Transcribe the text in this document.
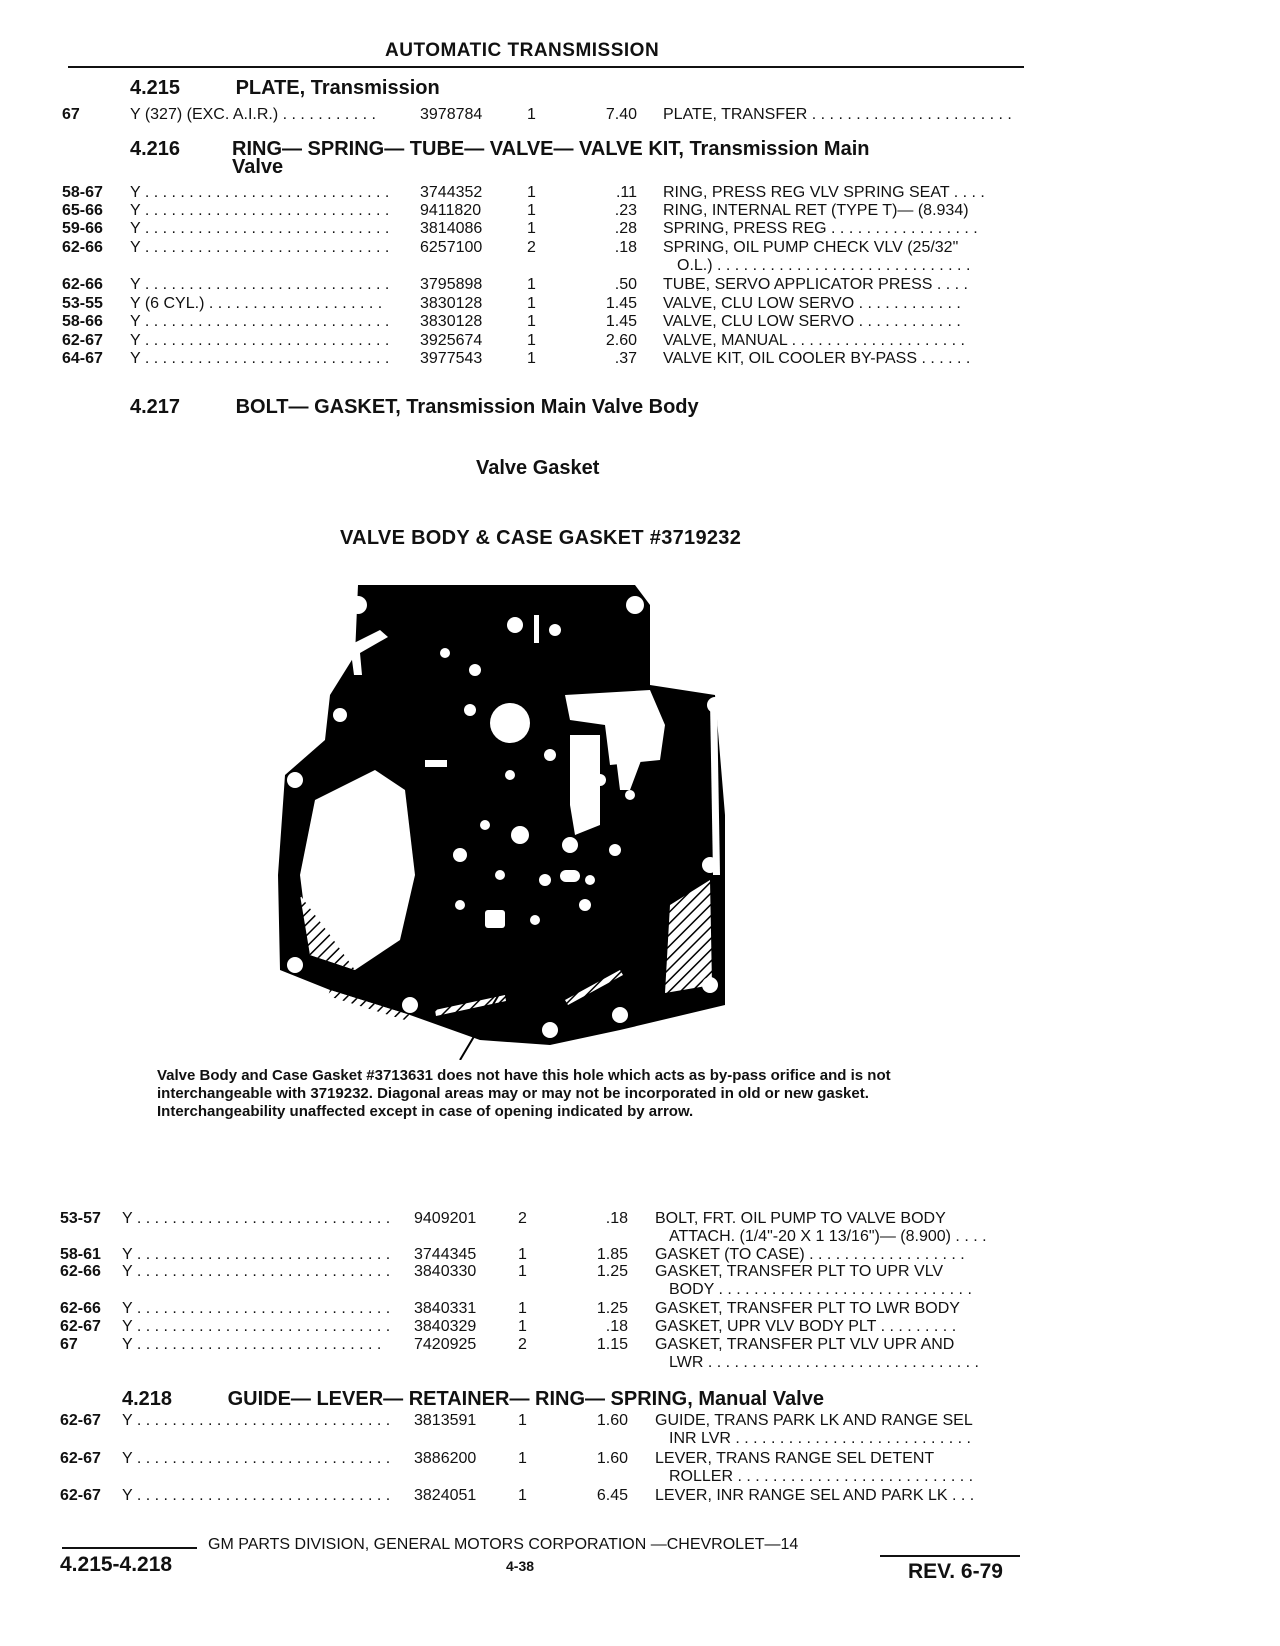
AUTOMATIC TRANSMISSION
4.215	PLATE, Transmission
67	Y (327) (EXC. A.I.R.) . . . . . . . . . . .	3978784	1	7.40 PLATE, TRANSFER . . . . . . . . . . . . . . . . . . . . . . .
4.216	RING— SPRING— TUBE— VALVE— VALVE KIT, Transmission Main
Valve
58-67 Y . . . . . . . . . . . . . . . . . . . . . . . . . . . .	3744352	1	.11 RING, PRESS REG VLV SPRING SEAT . . . .
65-66 Y . . . . . . . . . . . . . . . . . . . . . . . . . . . .	9411820	1	.23 RING, INTERNAL RET (TYPE T)— (8.934)
59-66 Y . . . . . . . . . . . . . . . . . . . . . . . . . . . .	3814086	1	.28 SPRING, PRESS REG . . . . . . . . . . . . . . . . .
62-66 Y . . . . . . . . . . . . . . . . . . . . . . . . . . . .	6257100	2	.18 SPRING, OIL PUMP CHECK VLV (25/32"
O.L.) . . . . . . . . . . . . . . . . . . . . . . . . . . . . .
62-66 Y . . . . . . . . . . . . . . . . . . . . . . . . . . . .	3795898	1	.50 TUBE, SERVO APPLICATOR PRESS . . . .
53-55 Y (6 CYL.) . . . . . . . . . . . . . . . . . . . .	3830128	1	1.45 VALVE, CLU LOW SERVO . . . . . . . . . . . .
58-66 Y . . . . . . . . . . . . . . . . . . . . . . . . . . . .	3830128	1	1.45 VALVE, CLU LOW SERVO . . . . . . . . . . . .
62-67 Y . . . . . . . . . . . . . . . . . . . . . . . . . . . .	3925674	1	2.60 VALVE, MANUAL . . . . . . . . . . . . . . . . . . . .
64-67 Y . . . . . . . . . . . . . . . . . . . . . . . . . . . .	3977543	1	.37 VALVE KIT, OIL COOLER BY-PASS . . . . . .
4.217	BOLT— GASKET, Transmission Main Valve Body
Valve Gasket
VALVE BODY & CASE GASKET #3719232
Valve Body and Case Gasket #3713631 does not have this hole which acts as by-pass orifice and is not interchangeable with 3719232. Diagonal areas may or may not be incorporated in old or new gasket. Interchangeability unaffected except in case of opening indicated by arrow.
53-57 Y . . . . . . . . . . . . . . . . . . . . . . . . . . . . .	9409201	2	.18 BOLT, FRT. OIL PUMP TO VALVE BODY
ATTACH. (1/4"-20 X 1 13/16")— (8.900) . . . .
58-61 Y . . . . . . . . . . . . . . . . . . . . . . . . . . . . .	3744345	1	1.85 GASKET (TO CASE) . . . . . . . . . . . . . . . . . .
62-66 Y . . . . . . . . . . . . . . . . . . . . . . . . . . . . .	3840330	1	1.25 GASKET, TRANSFER PLT TO UPR VLV
BODY . . . . . . . . . . . . . . . . . . . . . . . . . . . . .
62-66 Y . . . . . . . . . . . . . . . . . . . . . . . . . . . . .	3840331	1	1.25 GASKET, TRANSFER PLT TO LWR BODY
62-67 Y . . . . . . . . . . . . . . . . . . . . . . . . . . . . .	3840329	1	.18 GASKET, UPR VLV BODY PLT . . . . . . . . .
67	Y . . . . . . . . . . . . . . . . . . . . . . . . . . . .	7420925	2	1.15 GASKET, TRANSFER PLT VLV UPR AND
LWR . . . . . . . . . . . . . . . . . . . . . . . . . . . . . . .
4.218	GUIDE— LEVER— RETAINER— RING— SPRING, Manual Valve
62-67 Y . . . . . . . . . . . . . . . . . . . . . . . . . . . . .	3813591	1	1.60 GUIDE, TRANS PARK LK AND RANGE SEL
INR LVR . . . . . . . . . . . . . . . . . . . . . . . . . . .
62-67 Y . . . . . . . . . . . . . . . . . . . . . . . . . . . . .	3886200	1	1.60 LEVER, TRANS RANGE SEL DETENT
ROLLER . . . . . . . . . . . . . . . . . . . . . . . . . . .
62-67 Y . . . . . . . . . . . . . . . . . . . . . . . . . . . . .	3824051	1	6.45 LEVER, INR RANGE SEL AND PARK LK . . .
GM PARTS DIVISION, GENERAL MOTORS CORPORATION —CHEVROLET—14
4.215-4.218	4-38	REV. 6-79
